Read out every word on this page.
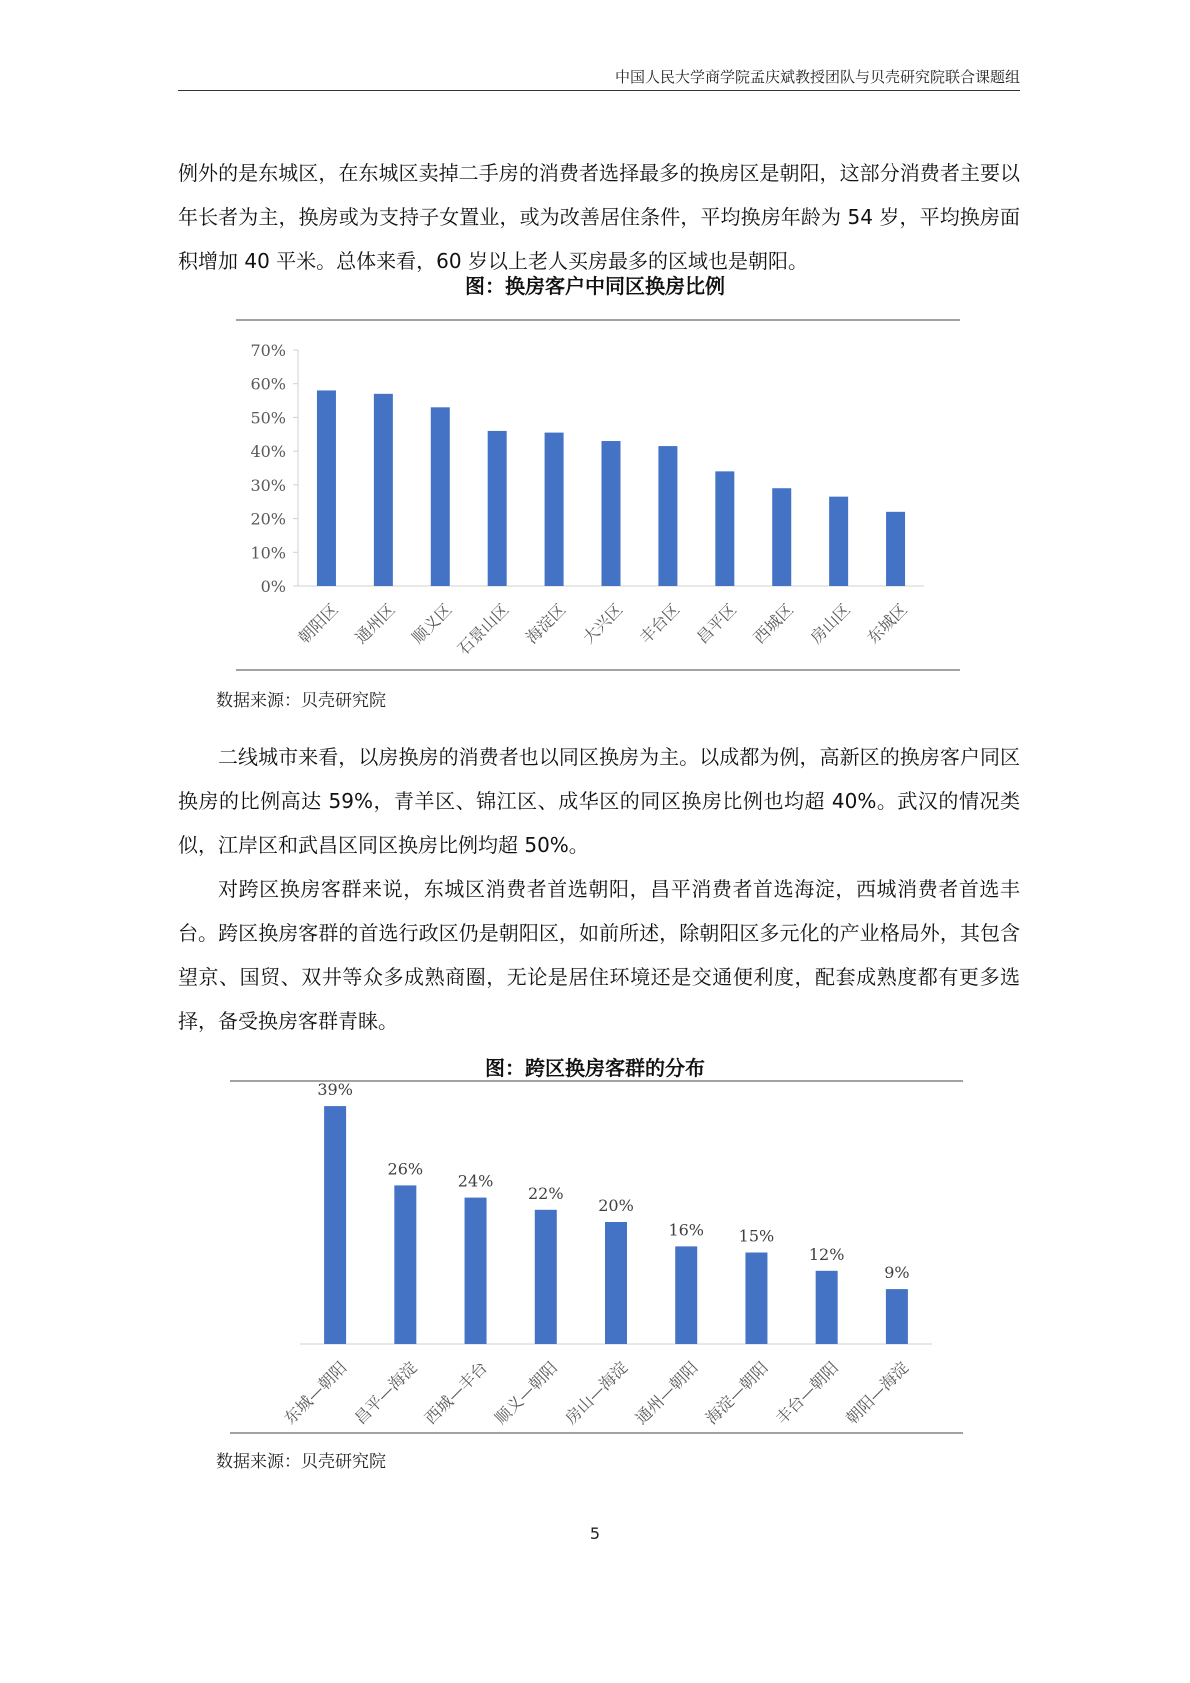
中国人民大学商学院孟庆斌教授团队与贝壳研究院联合课题组

例外的是东城区，在东城区卖掉二手房的消费者选择最多的换房区是朝阳，这部分消费者主要以年长者为主，换房或为支持子女置业，或为改善居住条件，平均换房年龄为 54 岁，平均换房面积增加 40 平米。总体来看，60 岁以上老人买房最多的区域也是朝阳。

图：换房客户中同区换房比例
0%
10%
20%
30%
40%
50%
60%
70%
朝阳区 通州区 顺义区
石景山区 海淀区 大兴区 丰台区 昌平区 西城区 房山区 东城区
39%
东城—朝阳
26%
昌平—海淀
24%
西城—丰台
22%
顺义—朝阳
20%
房山—海淀
16%
通州—朝阳
15%
海淀—朝阳
12%
丰台—朝阳
9%
朝阳—海淀
数据来源：贝壳研究院

二线城市来看，以房换房的消费者也以同区换房为主。以成都为例，高新区的换房客户同区换房的比例高达 59%，青羊区、锦江区、成华区的同区换房比例也均超 40%。武汉的情况类似，江岸区和武昌区同区换房比例均超 50%。

对跨区换房客群来说，东城区消费者首选朝阳，昌平消费者首选海淀，西城消费者首选丰台。跨区换房客群的首选行政区仍是朝阳区，如前所述，除朝阳区多元化的产业格局外，其包含望京、国贸、双井等众多成熟商圈，无论是居住环境还是交通便利度，配套成熟度都有更多选择，备受换房客群青睐。

图：跨区换房客群的分布
数据来源：贝壳研究院
5
